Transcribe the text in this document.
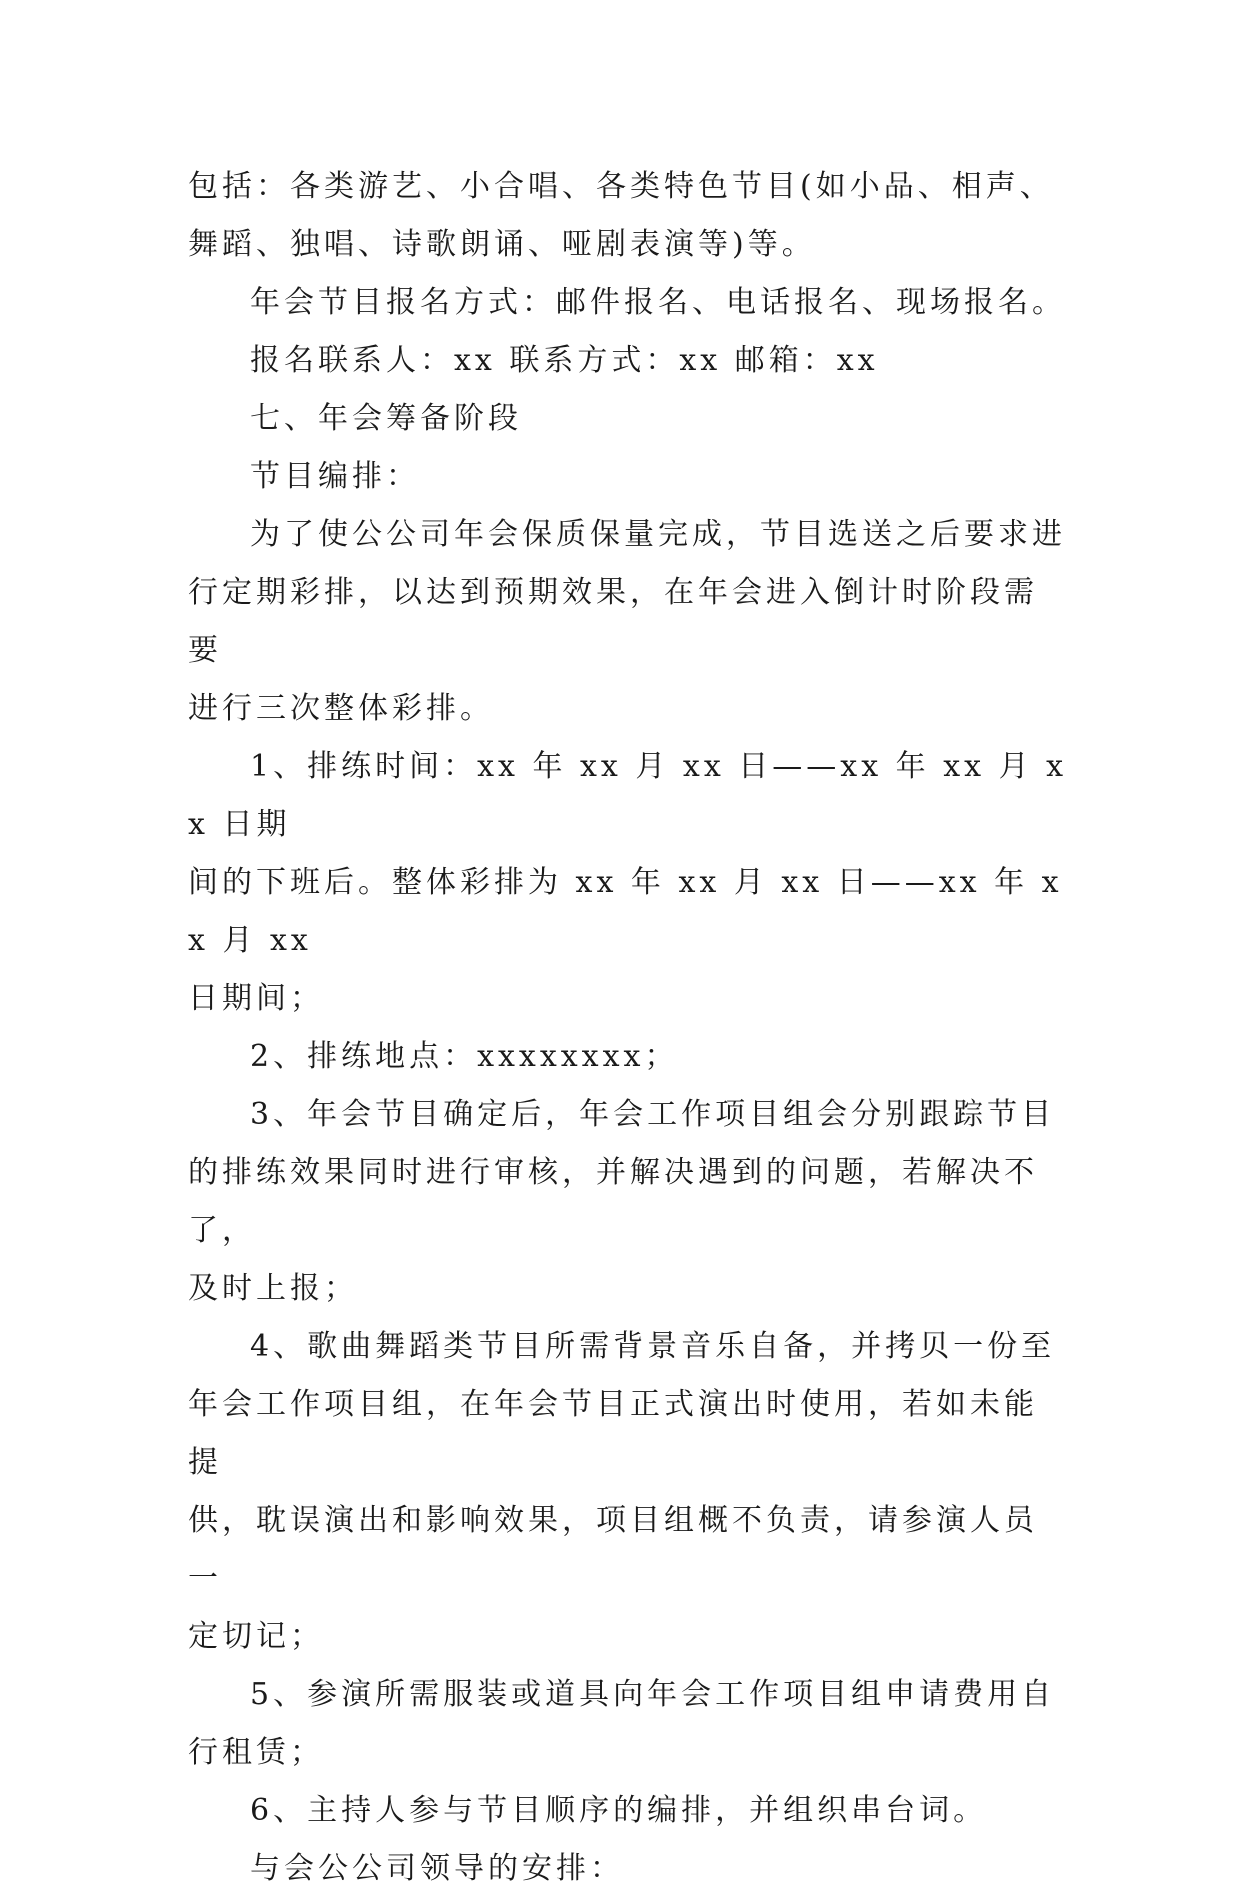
包括：各类游艺、小合唱、各类特色节目(如小品、相声、
舞蹈、独唱、诗歌朗诵、哑剧表演等)等。

年会节目报名方式：邮件报名、电话报名、现场报名。

报名联系人：xx 联系方式：xx 邮箱：xx

七、年会筹备阶段

节目编排：

为了使公公司年会保质保量完成，节目选送之后要求进
行定期彩排，以达到预期效果，在年会进入倒计时阶段需要
进行三次整体彩排。

1、排练时间：xx 年 xx 月 xx 日——xx 年 xx 月 xx 日期
间的下班后。整体彩排为 xx 年 xx 月 xx 日——xx 年 xx 月 xx
日期间；

2、排练地点：xxxxxxxx；

3、年会节目确定后，年会工作项目组会分别跟踪节目
的排练效果同时进行审核，并解决遇到的问题，若解决不了，
及时上报；

4、歌曲舞蹈类节目所需背景音乐自备，并拷贝一份至
年会工作项目组，在年会节目正式演出时使用，若如未能提
供，耽误演出和影响效果，项目组概不负责，请参演人员一
定切记；

5、参演所需服装或道具向年会工作项目组申请费用自
行租赁；

6、主持人参与节目顺序的编排，并组织串台词。

与会公公司领导的安排：
